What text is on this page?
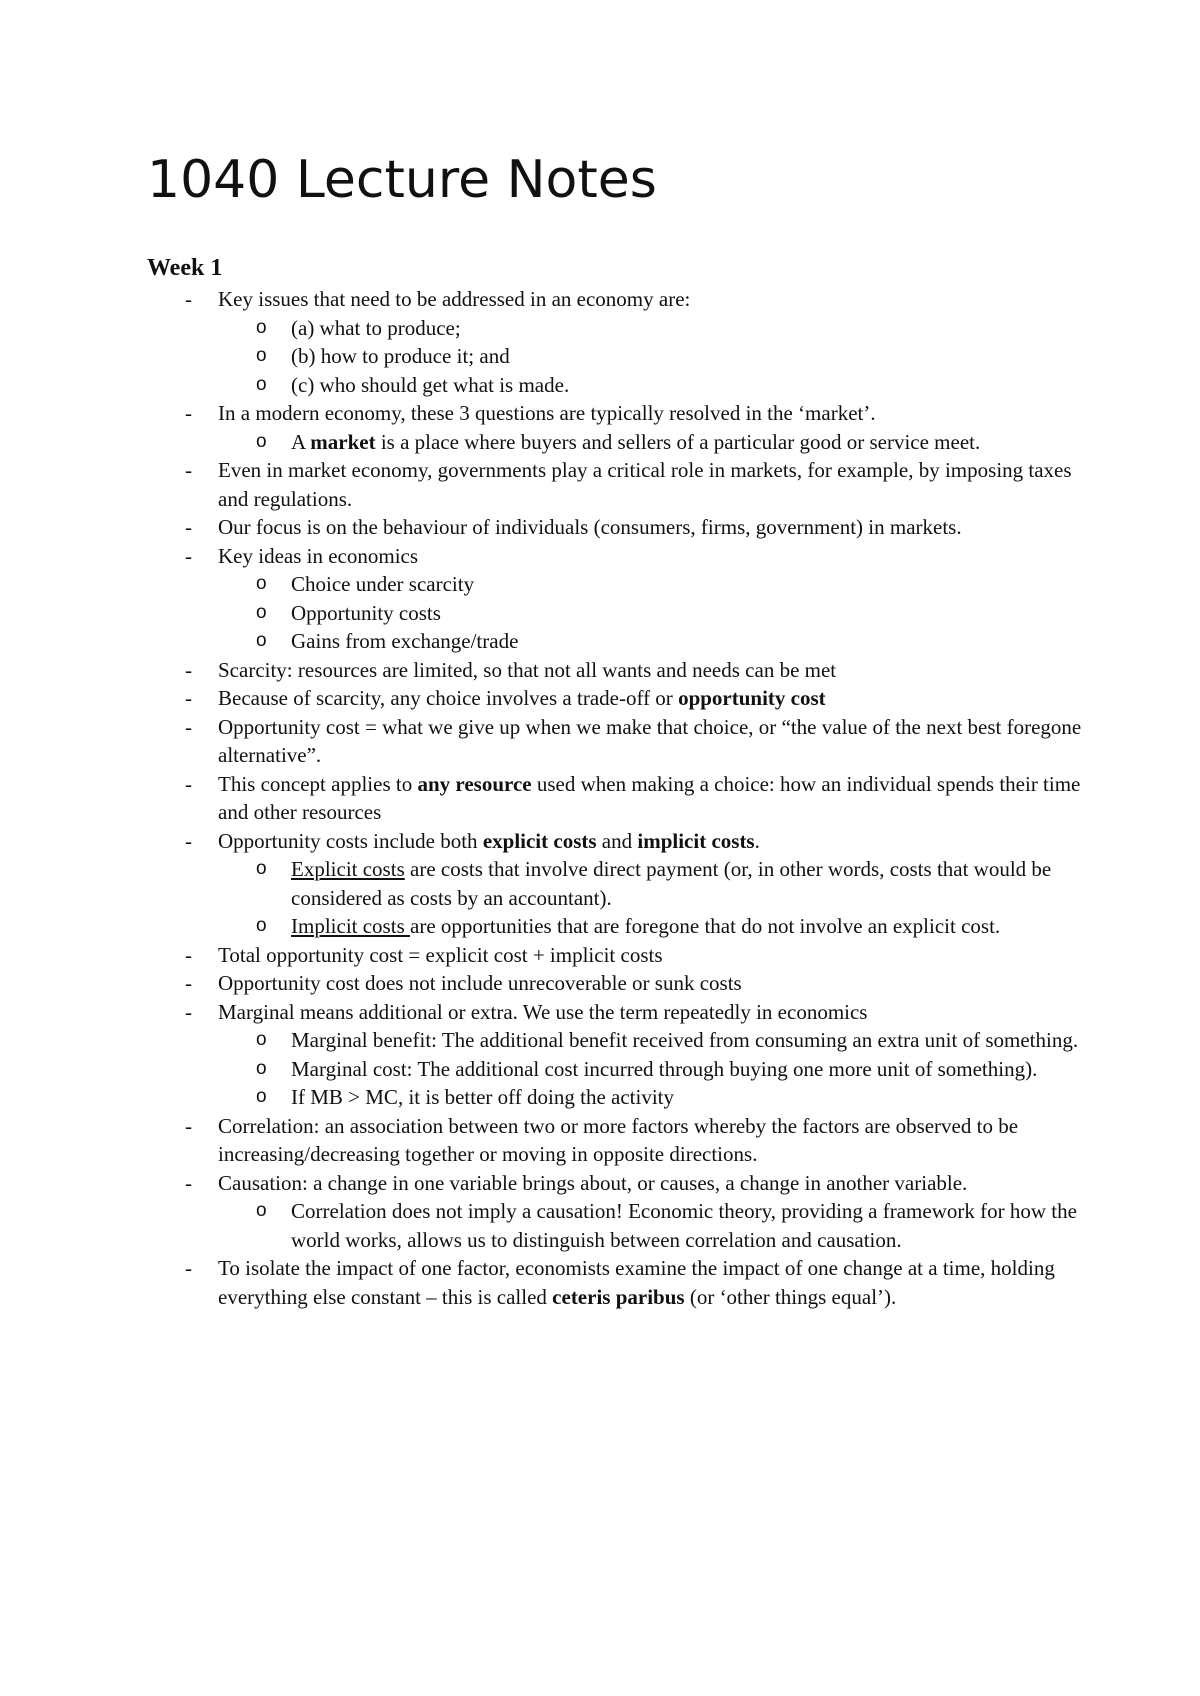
1040 Lecture Notes
Week 1
- Key issues that need to be addressed in an economy are:
o	(a) what to produce;
o	(b) how to produce it; and
o	(c) who should get what is made.
- In a modern economy, these 3 questions are typically resolved in the ‘market’.
o	A market is a place where buyers and sellers of a particular good or service meet.
- Even in market economy, governments play a critical role in markets, for example, by imposing taxes and regulations.
- Our focus is on the behaviour of individuals (consumers, firms, government) in markets.
- Key ideas in economics
o	Choice under scarcity
o	Opportunity costs
o	Gains from exchange/trade
- Scarcity: resources are limited, so that not all wants and needs can be met
- Because of scarcity, any choice involves a trade-off or opportunity cost
- Opportunity cost = what we give up when we make that choice, or “the value of the next best foregone alternative”.
- This concept applies to any resource used when making a choice: how an individual spends their time and other resources
- Opportunity costs include both explicit costs and implicit costs.
o	Explicit costs are costs that involve direct payment (or, in other words, costs that would be considered as costs by an accountant).
o	Implicit costs are opportunities that are foregone that do not involve an explicit cost.
- Total opportunity cost = explicit cost + implicit costs
- Opportunity cost does not include unrecoverable or sunk costs
- Marginal means additional or extra. We use the term repeatedly in economics
o	Marginal benefit: The additional benefit received from consuming an extra unit of something.
o	Marginal cost: The additional cost incurred through buying one more unit of something).
o	If MB > MC, it is better off doing the activity
- Correlation: an association between two or more factors whereby the factors are observed to be increasing/decreasing together or moving in opposite directions.
- Causation: a change in one variable brings about, or causes, a change in another variable.
o	Correlation does not imply a causation! Economic theory, providing a framework for how the world works, allows us to distinguish between correlation and causation.
- To isolate the impact of one factor, economists examine the impact of one change at a time, holding everything else constant – this is called ceteris paribus (or ‘other things equal’).
